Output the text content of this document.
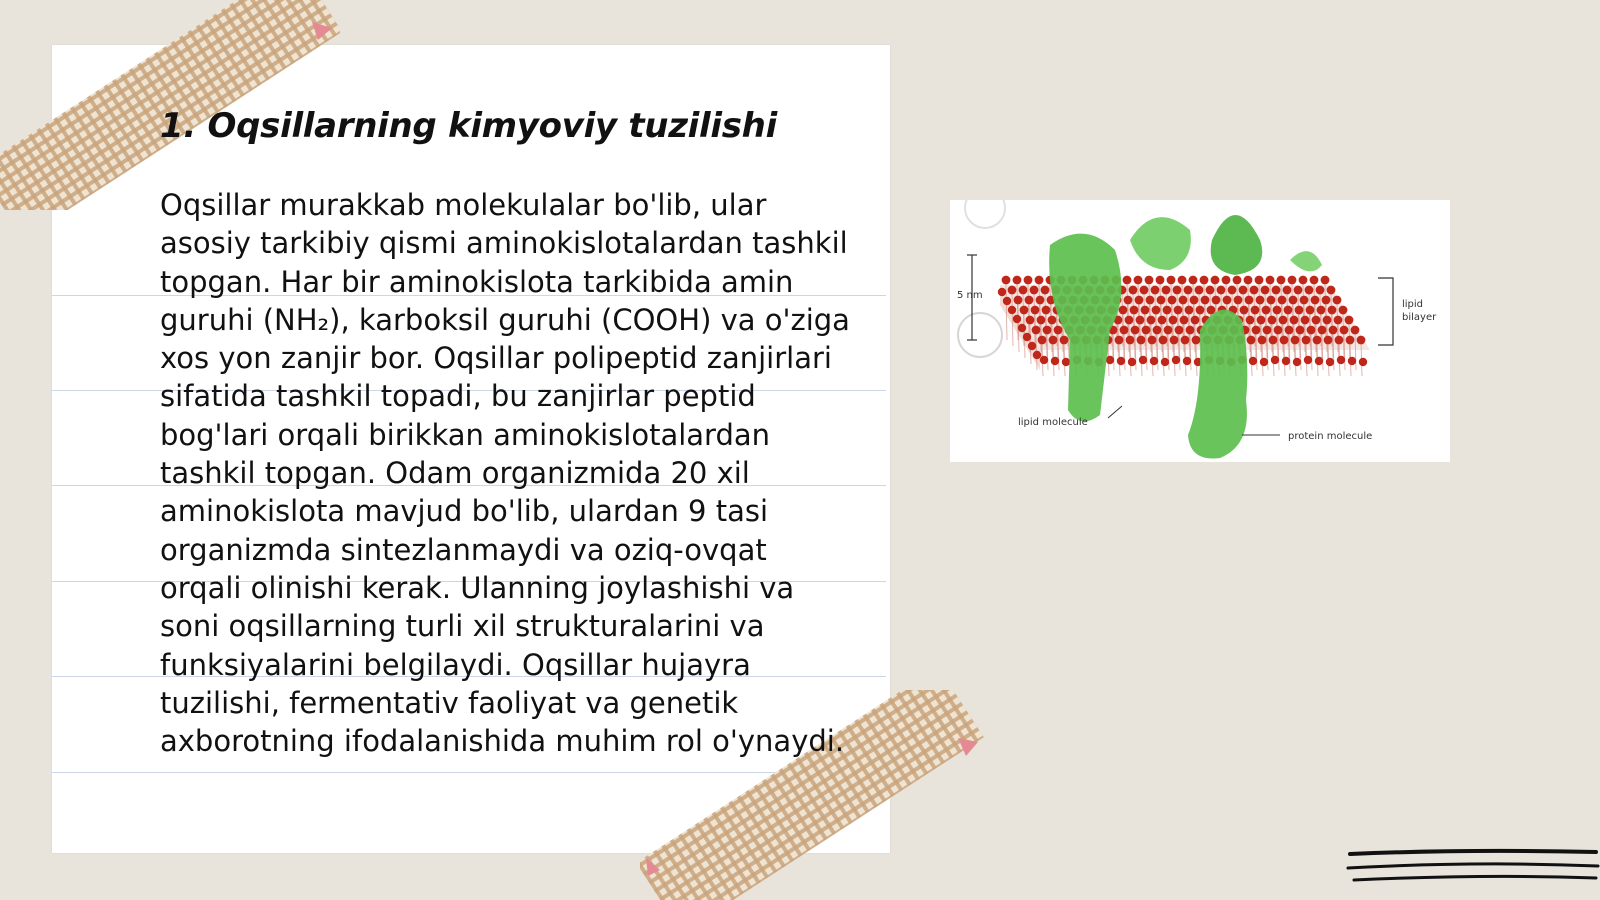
1. Oqsillarning kimyoviy tuzilishi

Oqsillar murakkab molekulalar bo'lib, ular asosiy tarkibiy qismi aminokislotalardan tashkil topgan. Har bir aminokislota tarkibida amin guruhi (NH₂), karboksil guruhi (COOH) va o'ziga xos yon zanjir bor. Oqsillar polipeptid zanjirlari sifatida tashkil topadi, bu zanjirlar peptid bog'lari orqali birikkan aminokislotalardan tashkil topgan. Odam organizmida 20 xil aminokislota mavjud bo'lib, ulardan 9 tasi organizmda sintezlanmaydi va oziq-ovqat orqali olinishi kerak. Ulanning joylashishi va soni oqsillarning turli xil strukturalarini va funksiyalarini belgilaydi. Oqsillar hujayra tuzilishi, fermentativ faoliyat va genetik axborotning ifodalanishida muhim rol o'ynaydi.

5 nm
lipid
bilayer
lipid molecule
protein molecule
